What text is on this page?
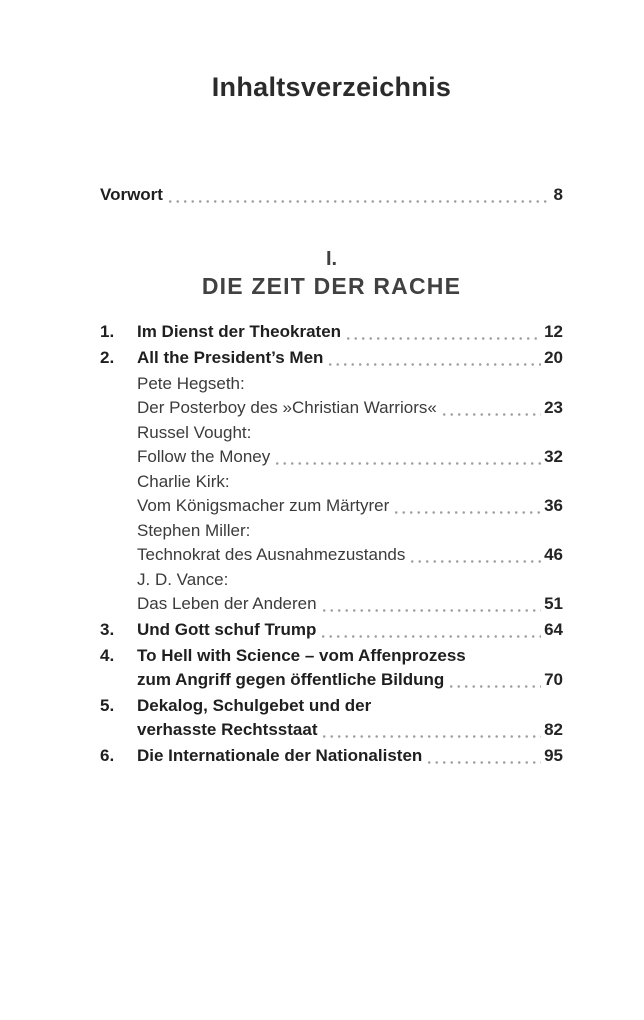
Inhaltsverzeichnis
Vorwort	8
I.
DIE ZEIT DER RACHE
1.	Im Dienst der Theokraten	12
2.	All the President’s Men	20
Pete Hegseth:
Der Posterboy des »Christian Warriors«	23
Russel Vought:
Follow the Money	32
Charlie Kirk:
Vom Königsmacher zum Märtyrer	36
Stephen Miller:
Technokrat des Ausnahmezustands	46
J. D. Vance:
Das Leben der Anderen	51
3.	Und Gott schuf Trump	64
4.	To Hell with Science – vom Affenprozess
zum Angriff gegen öffentliche Bildung	70
5.	Dekalog, Schulgebet und der
verhasste Rechtsstaat	82
6.	Die Internationale der Nationalisten	95
